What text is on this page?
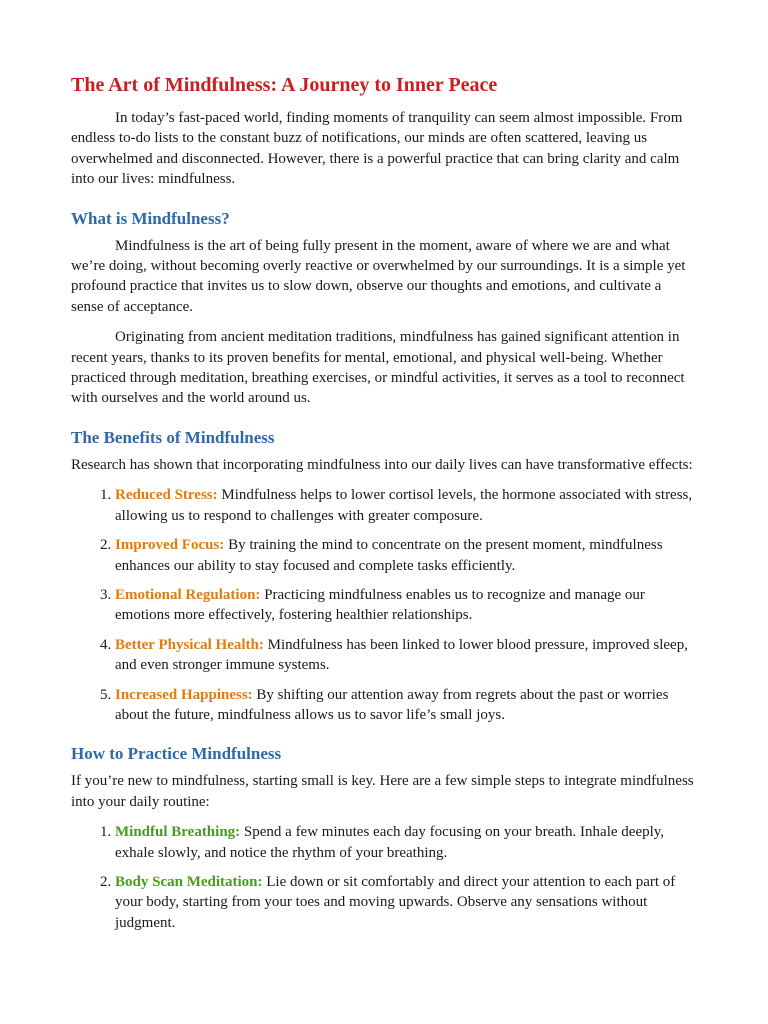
The Art of Mindfulness: A Journey to Inner Peace

In today’s fast-paced world, finding moments of tranquility can seem almost impossible. From endless to-do lists to the constant buzz of notifications, our minds are often scattered, leaving us overwhelmed and disconnected. However, there is a powerful practice that can bring clarity and calm into our lives: mindfulness.

What is Mindfulness?

Mindfulness is the art of being fully present in the moment, aware of where we are and what we’re doing, without becoming overly reactive or overwhelmed by our surroundings. It is a simple yet profound practice that invites us to slow down, observe our thoughts and emotions, and cultivate a sense of acceptance.

Originating from ancient meditation traditions, mindfulness has gained significant attention in recent years, thanks to its proven benefits for mental, emotional, and physical well-being. Whether practiced through meditation, breathing exercises, or mindful activities, it serves as a tool to reconnect with ourselves and the world around us.

The Benefits of Mindfulness

Research has shown that incorporating mindfulness into our daily lives can have transformative effects:

1. Reduced Stress: Mindfulness helps to lower cortisol levels, the hormone associated with stress, allowing us to respond to challenges with greater composure.
2. Improved Focus: By training the mind to concentrate on the present moment, mindfulness enhances our ability to stay focused and complete tasks efficiently.
3. Emotional Regulation: Practicing mindfulness enables us to recognize and manage our emotions more effectively, fostering healthier relationships.
4. Better Physical Health: Mindfulness has been linked to lower blood pressure, improved sleep, and even stronger immune systems.
5. Increased Happiness: By shifting our attention away from regrets about the past or worries about the future, mindfulness allows us to savor life’s small joys.
How to Practice Mindfulness

If you’re new to mindfulness, starting small is key. Here are a few simple steps to integrate mindfulness into your daily routine:

1. Mindful Breathing: Spend a few minutes each day focusing on your breath. Inhale deeply, exhale slowly, and notice the rhythm of your breathing.
2. Body Scan Meditation: Lie down or sit comfortably and direct your attention to each part of your body, starting from your toes and moving upwards. Observe any sensations without judgment.
